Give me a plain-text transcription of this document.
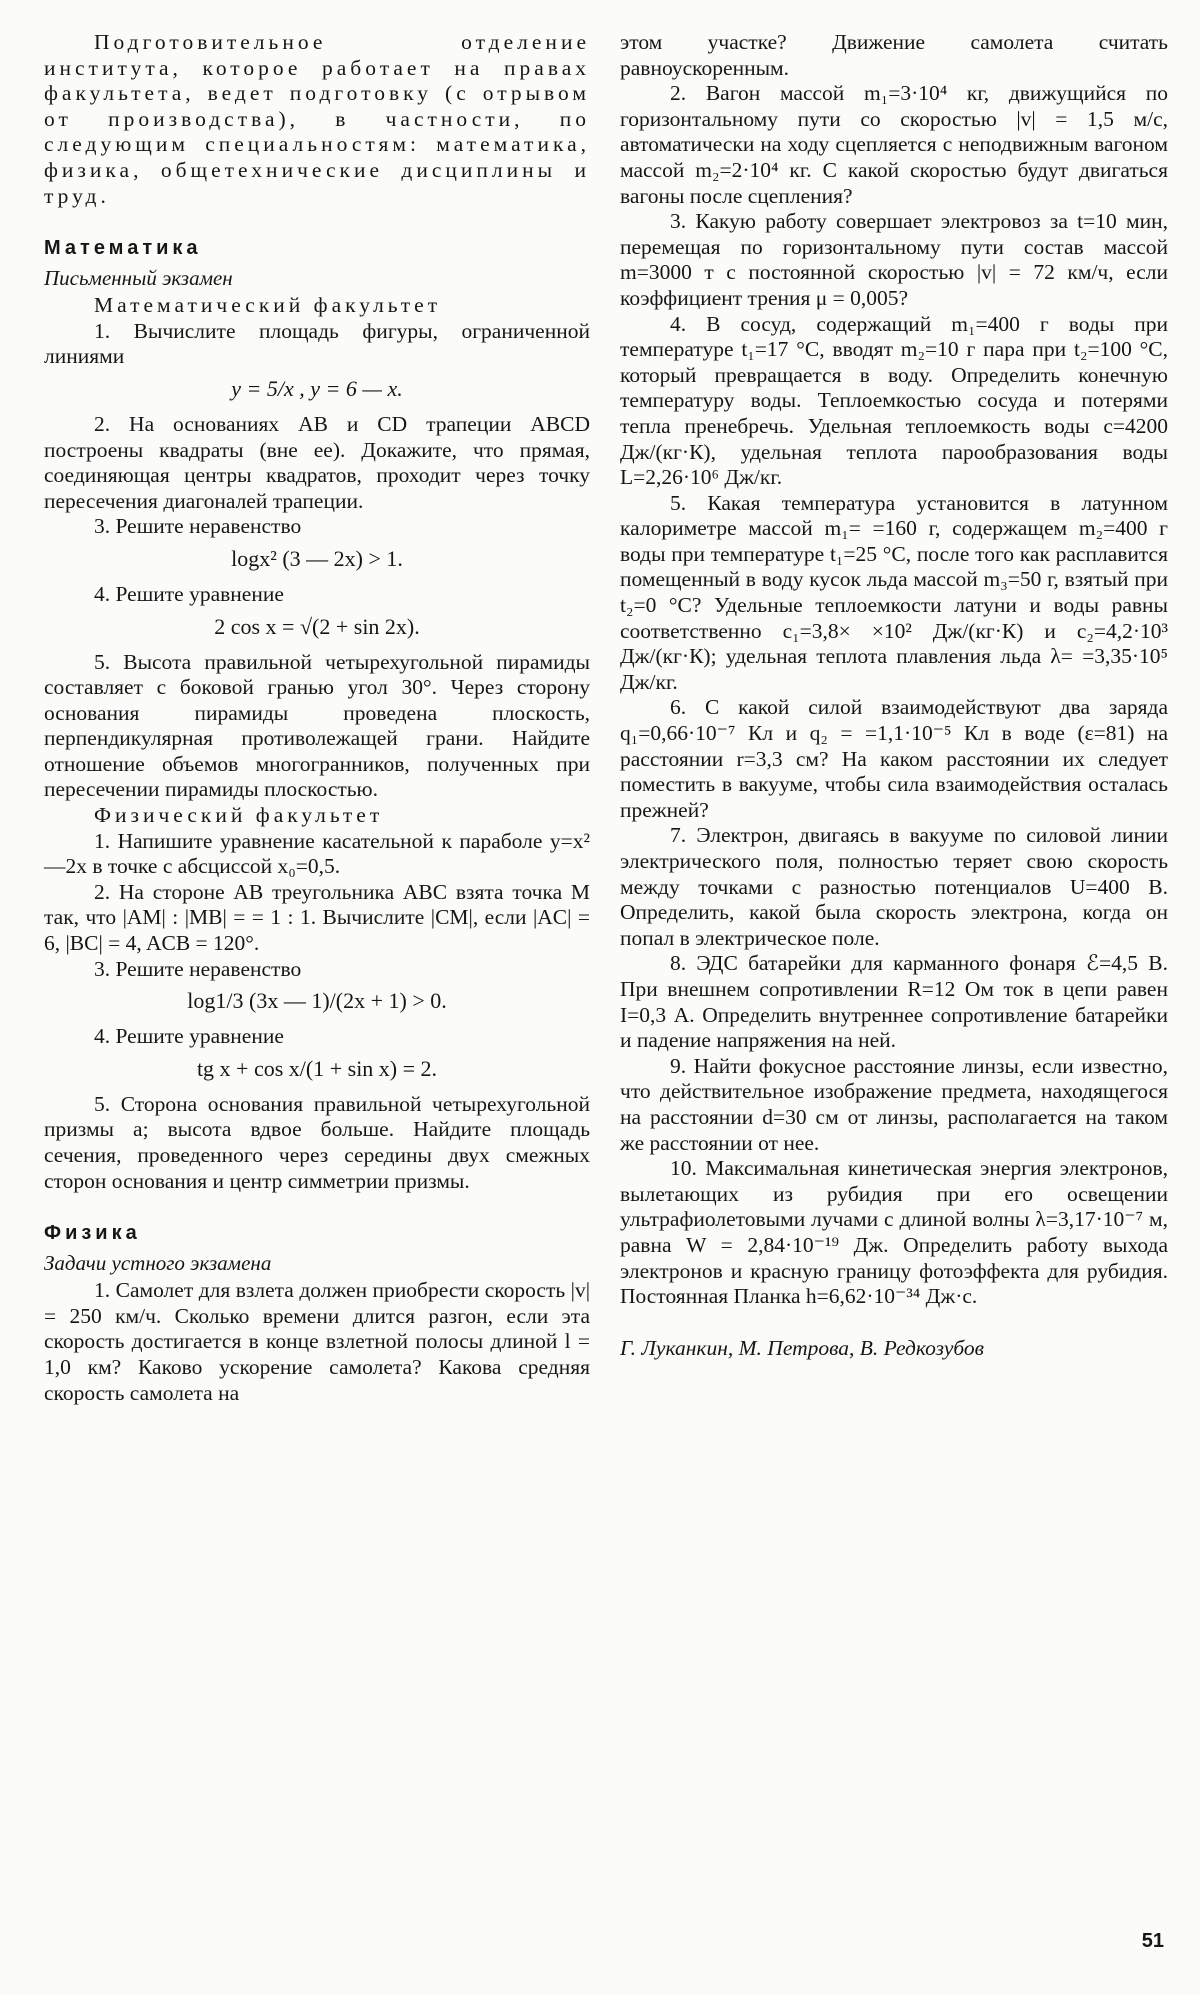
Подготовительное отделение института, которое работает на правах факультета, ведет подготовку (с отрывом от производства), в частности, по следующим специальностям: математика, физика, общетехнические дисциплины и труд.

Математика
Письменный экзамен

Математический факультет

1. Вычислите площадь фигуры, ограниченной линиями

y = 5/x , y = 6 — x.

2. На основаниях AB и CD трапеции ABCD построены квадраты (вне ее). Докажите, что прямая, соединяющая центры квадратов, проходит через точку пересечения диагоналей трапеции.

3. Решите неравенство

logx² (3 — 2x) > 1.

4. Решите уравнение

2 cos x = √(2 + sin 2x).

5. Высота правильной четырехугольной пирамиды составляет с боковой гранью угол 30°. Через сторону основания пирамиды проведена плоскость, перпендикулярная противолежащей грани. Найдите отношение объемов многогранников, полученных при пересечении пирамиды плоскостью.

Физический факультет

1. Напишите уравнение касательной к параболе y=x²—2x в точке с абсциссой x₀=0,5.

2. На стороне AB треугольника ABC взята точка M так, что |AM| : |MB| = = 1 : 1. Вычислите |CM|, если |AC| = 6, |BC| = 4, ACB = 120°.

3. Решите неравенство

log1/3 (3x — 1)/(2x + 1) > 0.

4. Решите уравнение

tg x + cos x/(1 + sin x) = 2.

5. Сторона основания правильной четырехугольной призмы a; высота вдвое больше. Найдите площадь сечения, проведенного через середины двух смежных сторон основания и центр симметрии призмы.

Физика
Задачи устного экзамена

1. Самолет для взлета должен приобрести скорость |v| = 250 км/ч. Сколько времени длится разгон, если эта скорость достигается в конце взлетной полосы длиной l = 1,0 км? Каково ускорение самолета? Какова средняя скорость самолета на

этом участке? Движение самолета считать равноускоренным.

2. Вагон массой m₁=3·10⁴ кг, движущийся по горизонтальному пути со скоростью |v| = 1,5 м/с, автоматически на ходу сцепляется с неподвижным вагоном массой m₂=2·10⁴ кг. С какой скоростью будут двигаться вагоны после сцепления?

3. Какую работу совершает электровоз за t=10 мин, перемещая по горизонтальному пути состав массой m=3000 т с постоянной скоростью |v| = 72 км/ч, если коэффициент трения μ = 0,005?

4. В сосуд, содержащий m₁=400 г воды при температуре t₁=17 °C, вводят m₂=10 г пара при t₂=100 °C, который превращается в воду. Определить конечную температуру воды. Теплоемкостью сосуда и потерями тепла пренебречь. Удельная теплоемкость воды c=4200 Дж/(кг·К), удельная теплота парообразования воды L=2,26·10⁶ Дж/кг.

5. Какая температура установится в латунном калориметре массой m₁= =160 г, содержащем m₂=400 г воды при температуре t₁=25 °C, после того как расплавится помещенный в воду кусок льда массой m₃=50 г, взятый при t₂=0 °C? Удельные теплоемкости латуни и воды равны соответственно c₁=3,8× ×10² Дж/(кг·К) и c₂=4,2·10³ Дж/(кг·К); удельная теплота плавления льда λ= =3,35·10⁵ Дж/кг.

6. С какой силой взаимодействуют два заряда q₁=0,66·10⁻⁷ Кл и q₂ = =1,1·10⁻⁵ Кл в воде (ε=81) на расстоянии r=3,3 см? На каком расстоянии их следует поместить в вакууме, чтобы сила взаимодействия осталась прежней?

7. Электрон, двигаясь в вакууме по силовой линии электрического поля, полностью теряет свою скорость между точками с разностью потенциалов U=400 В. Определить, какой была скорость электрона, когда он попал в электрическое поле.

8. ЭДС батарейки для карманного фонаря ℰ=4,5 В. При внешнем сопротивлении R=12 Ом ток в цепи равен I=0,3 А. Определить внутреннее сопротивление батарейки и падение напряжения на ней.

9. Найти фокусное расстояние линзы, если известно, что действительное изображение предмета, находящегося на расстоянии d=30 см от линзы, располагается на таком же расстоянии от нее.

10. Максимальная кинетическая энергия электронов, вылетающих из рубидия при его освещении ультрафиолетовыми лучами с длиной волны λ=3,17·10⁻⁷ м, равна W = 2,84·10⁻¹⁹ Дж. Определить работу выхода электронов и красную границу фотоэффекта для рубидия. Постоянная Планка h=6,62·10⁻³⁴ Дж·с.

Г. Луканкин, М. Петрова, В. Редкозубов
51
